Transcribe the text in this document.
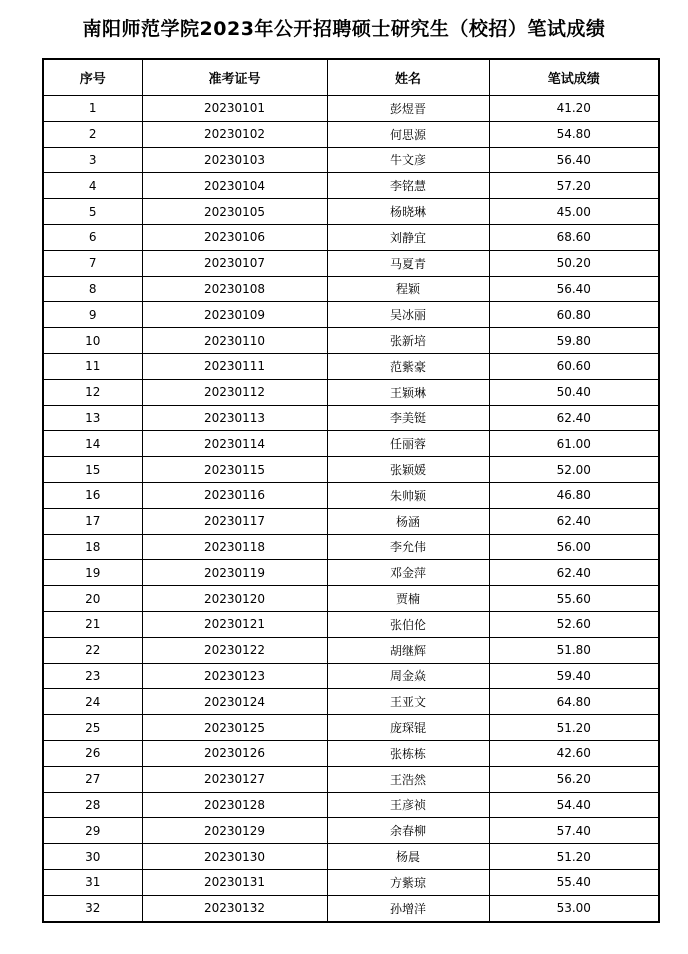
南阳师范学院2023年公开招聘硕士研究生（校招）笔试成绩
序号	准考证号	姓名	笔试成绩
1	20230101	彭煜晋	41.20
2	20230102	何思源	54.80
3	20230103	牛文彦	56.40
4	20230104	李铭慧	57.20
5	20230105	杨晓琳	45.00
6	20230106	刘静宜	68.60
7	20230107	马夏青	50.20
8	20230108	程颖	56.40
9	20230109	吴冰丽	60.80
10	20230110	张新培	59.80
11	20230111	范紫豪	60.60
12	20230112	王颖琳	50.40
13	20230113	李美铤	62.40
14	20230114	任丽蓉	61.00
15	20230115	张颖媛	52.00
16	20230116	朱帅颖	46.80
17	20230117	杨涵	62.40
18	20230118	李允伟	56.00
19	20230119	邓金萍	62.40
20	20230120	贾楠	55.60
21	20230121	张伯伦	52.60
22	20230122	胡继辉	51.80
23	20230123	周金焱	59.40
24	20230124	王亚文	64.80
25	20230125	庞琛锟	51.20
26	20230126	张栋栋	42.60
27	20230127	王浩然	56.20
28	20230128	王彦祯	54.40
29	20230129	余春柳	57.40
30	20230130	杨晨	51.20
31	20230131	方紫琼	55.40
32	20230132	孙增洋	53.00
